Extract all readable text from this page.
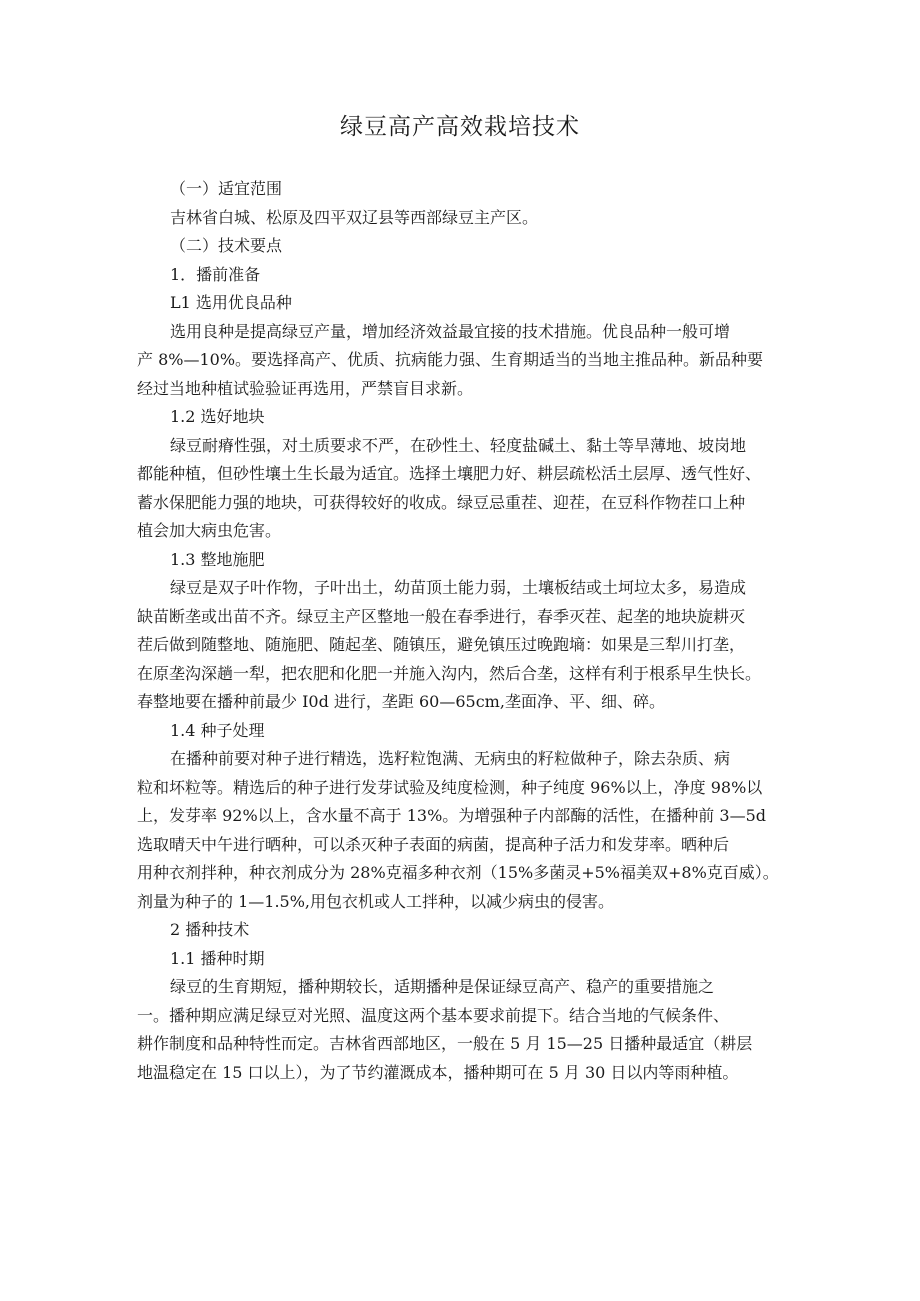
绿豆高产高效栽培技术

（一）适宜范围

吉林省白城、松原及四平双辽县等西部绿豆主产区。

（二）技术要点

1．播前准备

L1 选用优良品种

选用良种是提高绿豆产量，增加经济效益最宜接的技术措施。优良品种一般可增

产 8%—10%。要选择高产、优质、抗病能力强、生育期适当的当地主推品种。新品种要

经过当地种植试验验证再选用，严禁盲目求新。

1.2 选好地块

绿豆耐瘠性强，对土质要求不严，在砂性土、轻度盐碱土、黏土等旱薄地、坡岗地

都能种植，但砂性壤土生长最为适宜。选择土壤肥力好、耕层疏松活土层厚、透气性好、

蓄水保肥能力强的地块，可获得较好的收成。绿豆忌重茬、迎茬，在豆科作物茬口上种

植会加大病虫危害。

1.3 整地施肥

绿豆是双子叶作物，子叶出土，幼苗顶土能力弱，土壤板结或土坷垃太多，易造成

缺苗断垄或出苗不齐。绿豆主产区整地一般在春季进行，春季灭茬、起垄的地块旋耕灭

茬后做到随整地、随施肥、随起垄、随镇压，避免镇压过晚跑墒：如果是三犁川打垄，

在原垄沟深趟一犁，把农肥和化肥一并施入沟内，然后合垄，这样有利于根系早生快长。

春整地要在播种前最少 I0d 进行，垄距 60—65cm,垄面净、平、细、碎。

1.4 种子处理

在播种前要对种子进行精选，选籽粒饱满、无病虫的籽粒做种子，除去杂质、病

粒和坏粒等。精选后的种子进行发芽试验及纯度检测，种子纯度 96%以上，净度 98%以

上，发芽率 92%以上，含水量不高于 13%。为增强种子内部酶的活性，在播种前 3—5d

选取晴天中午进行晒种，可以杀灭种子表面的病菌，提高种子活力和发芽率。晒种后

用种衣剂拌种，种衣剂成分为 28%克福多种衣剂（15%多菌灵+5%福美双+8%克百威）。

剂量为种子的 1—1.5%,用包衣机或人工拌种，以减少病虫的侵害。

2 播种技术

1.1 播种时期

绿豆的生育期短，播种期较长，适期播种是保证绿豆高产、稳产的重要措施之

一。播种期应满足绿豆对光照、温度这两个基本要求前提下。结合当地的气候条件、

耕作制度和品种特性而定。吉林省西部地区，一般在 5 月 15—25 日播种最适宜（耕层

地温稳定在 15 口以上），为了节约灌溉成本，播种期可在 5 月 30 日以内等雨种植。
